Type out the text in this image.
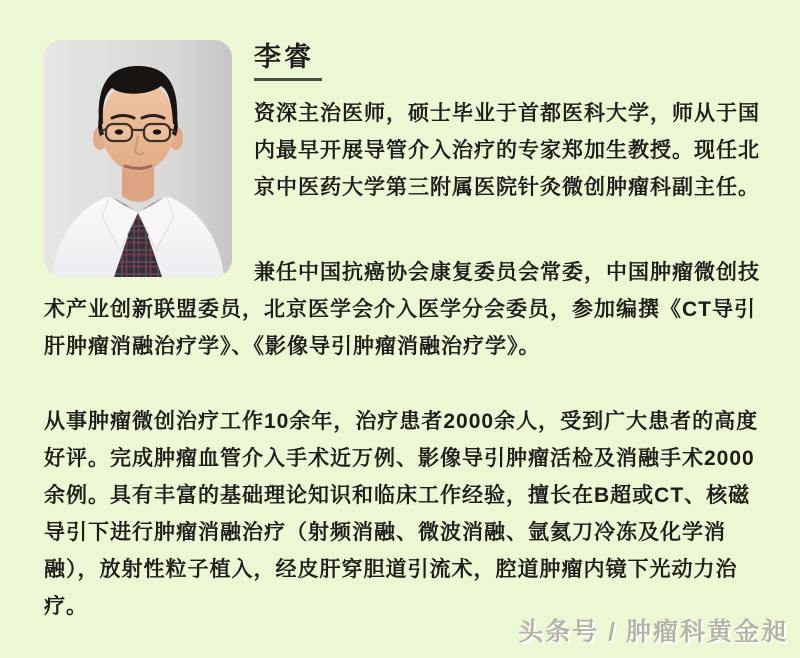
李睿

资深主治医师，硕士毕业于首都医科大学，师从于国内最早开展导管介入治疗的专家郑加生教授。现任北京中医药大学第三附属医院针灸微创肿瘤科副主任。

兼任中国抗癌协会康复委员会常委，中国肿瘤微创技术产业创新联盟委员，北京医学会介入医学分会委员，参加编撰《CT导引肝肿瘤消融治疗学》、《影像导引肿瘤消融治疗学》。

从事肿瘤微创治疗工作10余年，治疗患者2000余人，受到广大患者的高度好评。完成肿瘤血管介入手术近万例、影像导引肿瘤活检及消融手术2000余例。具有丰富的基础理论知识和临床工作经验，擅长在B超或CT、核磁导引下进行肿瘤消融治疗（射频消融、微波消融、氩氦刀冷冻及化学消融），放射性粒子植入，经皮肝穿胆道引流术，腔道肿瘤内镜下光动力治疗。

头条号 / 肿瘤科黄金昶
